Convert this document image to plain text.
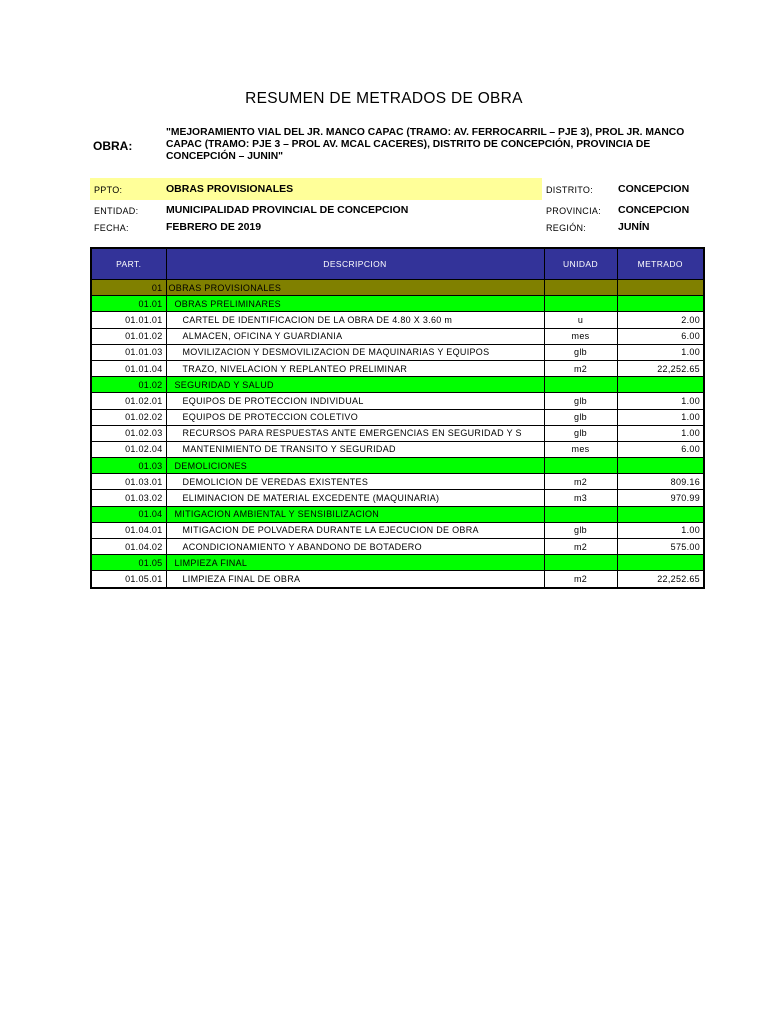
RESUMEN DE METRADOS DE OBRA
OBRA:
"MEJORAMIENTO VIAL DEL JR. MANCO CAPAC (TRAMO: AV. FERROCARRIL – PJE 3), PROL JR. MANCO CAPAC (TRAMO: PJE 3 – PROL AV. MCAL CACERES), DISTRITO DE CONCEPCIÓN, PROVINCIA DE CONCEPCIÓN – JUNIN"
PPTO:	OBRAS PROVISIONALES
ENTIDAD:	MUNICIPALIDAD PROVINCIAL DE CONCEPCION
FECHA:	FEBRERO DE 2019
DISTRITO: CONCEPCION
PROVINCIA: CONCEPCION
REGIÓN:	JUNÍN
PART.	DESCRIPCION	UNIDAD	METRADO
01	OBRAS PROVISIONALES		
01.01	OBRAS PRELIMINARES		
01.01.01	CARTEL DE IDENTIFICACION DE LA OBRA DE 4.80 X 3.60 m	u	2.00
01.01.02	ALMACEN, OFICINA Y GUARDIANIA	mes	6.00
01.01.03	MOVILIZACION Y DESMOVILIZACION DE MAQUINARIAS Y EQUIPOS	glb	1.00
01.01.04	TRAZO, NIVELACION Y REPLANTEO PRELIMINAR	m2	22,252.65
01.02	SEGURIDAD Y SALUD		
01.02.01	EQUIPOS DE PROTECCION INDIVIDUAL	glb	1.00
01.02.02	EQUIPOS DE PROTECCION COLETIVO	glb	1.00
01.02.03	RECURSOS PARA RESPUESTAS ANTE EMERGENCIAS EN SEGURIDAD Y S	glb	1.00
01.02.04	MANTENIMIENTO DE TRANSITO Y SEGURIDAD	mes	6.00
01.03	DEMOLICIONES		
01.03.01	DEMOLICION DE VEREDAS EXISTENTES	m2	809.16
01.03.02	ELIMINACION DE MATERIAL EXCEDENTE (MAQUINARIA)	m3	970.99
01.04	MITIGACION AMBIENTAL Y SENSIBILIZACION		
01.04.01	MITIGACION DE POLVADERA DURANTE LA EJECUCION DE OBRA	glb	1.00
01.04.02	ACONDICIONAMIENTO Y ABANDONO DE BOTADERO	m2	575.00
01.05	LIMPIEZA FINAL		
01.05.01	LIMPIEZA FINAL DE OBRA	m2	22,252.65
